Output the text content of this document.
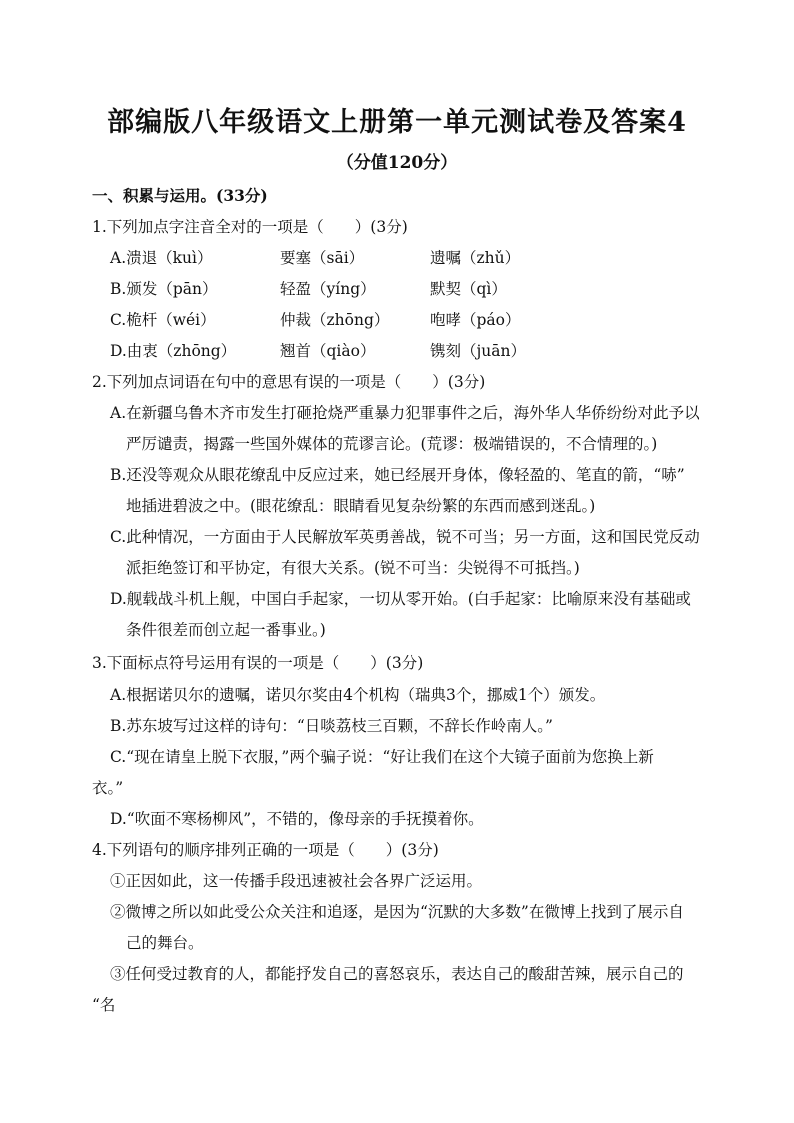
部编版八年级语文上册第一单元测试卷及答案4
（分值120分）
一、积累与运用。(33分)
1.下列加点字注音全对的一项是（　　）(3分)
A.溃退（kuì）	要塞（sāi）	遗嘱（zhǔ）
B.颁发（pān）	轻盈（yíng）	默契（qì）
C.桅杆（wéi）	仲裁（zhōng）	咆哮（páo）
D.由衷（zhōng）	翘首（qiào）	镌刻（juān）
2.下列加点词语在句中的意思有误的一项是（　　）(3分)
A.在新疆乌鲁木齐市发生打砸抢烧严重暴力犯罪事件之后，海外华人华侨纷纷对此予以
严厉谴责，揭露一些国外媒体的荒谬言论。(荒谬：极端错误的，不合情理的。)
B.还没等观众从眼花缭乱中反应过来，她已经展开身体，像轻盈的、笔直的箭，“哧”
地插进碧波之中。(眼花缭乱：眼睛看见复杂纷繁的东西而感到迷乱。)
C.此种情况，一方面由于人民解放军英勇善战，锐不可当；另一方面，这和国民党反动
派拒绝签订和平协定，有很大关系。(锐不可当：尖锐得不可抵挡。)
D.舰载战斗机上舰，中国白手起家，一切从零开始。(白手起家：比喻原来没有基础或
条件很差而创立起一番事业。)
3.下面标点符号运用有误的一项是（　　）(3分)
A.根据诺贝尔的遗嘱，诺贝尔奖由4个机构（瑞典3个，挪威1个）颁发。
B.苏东坡写过这样的诗句：“日啖荔枝三百颗，不辞长作岭南人。”
C.“现在请皇上脱下衣服，”两个骗子说：“好让我们在这个大镜子面前为您换上新
衣。”
D.“吹面不寒杨柳风”，不错的，像母亲的手抚摸着你。
4.下列语句的顺序排列正确的一项是（　　）(3分)
①正因如此，这一传播手段迅速被社会各界广泛运用。
②微博之所以如此受公众关注和追逐，是因为“沉默的大多数”在微博上找到了展示自
己的舞台。
③任何受过教育的人，都能抒发自己的喜怒哀乐，表达自己的酸甜苦辣，展示自己的
“名
